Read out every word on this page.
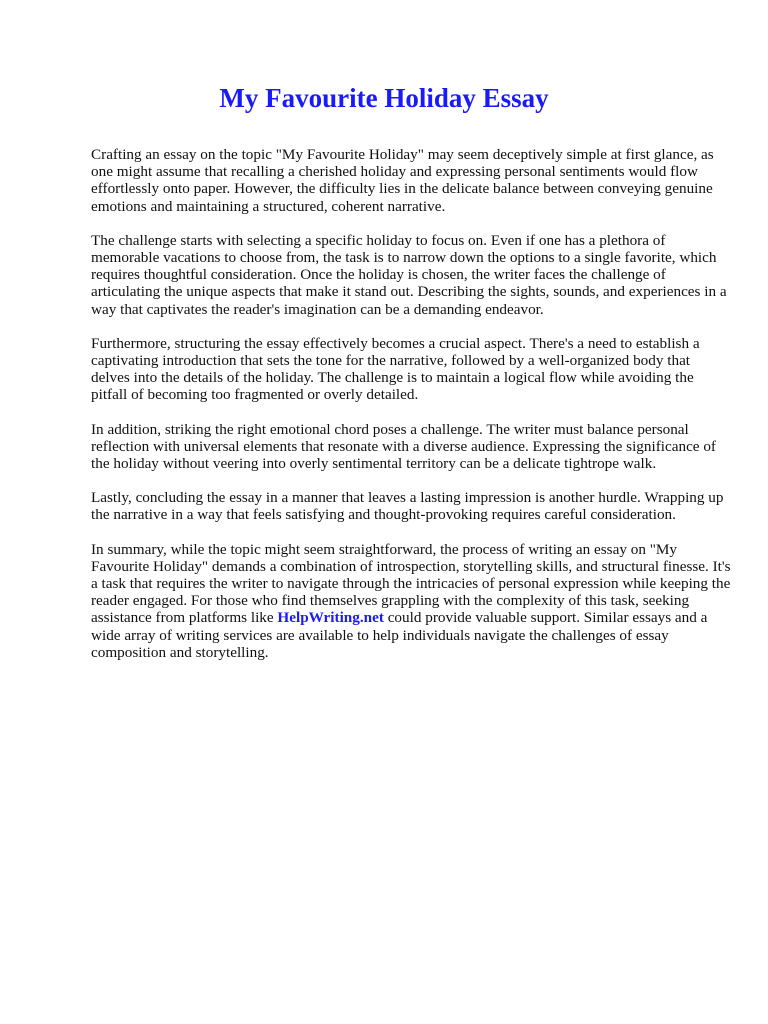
My Favourite Holiday Essay

Crafting an essay on the topic "My Favourite Holiday" may seem deceptively simple at first glance, as one might assume that recalling a cherished holiday and expressing personal sentiments would flow effortlessly onto paper. However, the difficulty lies in the delicate balance between conveying genuine emotions and maintaining a structured, coherent narrative.

The challenge starts with selecting a specific holiday to focus on. Even if one has a plethora of memorable vacations to choose from, the task is to narrow down the options to a single favorite, which requires thoughtful consideration. Once the holiday is chosen, the writer faces the challenge of articulating the unique aspects that make it stand out. Describing the sights, sounds, and experiences in a way that captivates the reader's imagination can be a demanding endeavor.

Furthermore, structuring the essay effectively becomes a crucial aspect. There's a need to establish a captivating introduction that sets the tone for the narrative, followed by a well-organized body that delves into the details of the holiday. The challenge is to maintain a logical flow while avoiding the pitfall of becoming too fragmented or overly detailed.

In addition, striking the right emotional chord poses a challenge. The writer must balance personal reflection with universal elements that resonate with a diverse audience. Expressing the significance of the holiday without veering into overly sentimental territory can be a delicate tightrope walk.

Lastly, concluding the essay in a manner that leaves a lasting impression is another hurdle. Wrapping up the narrative in a way that feels satisfying and thought-provoking requires careful consideration.

In summary, while the topic might seem straightforward, the process of writing an essay on "My Favourite Holiday" demands a combination of introspection, storytelling skills, and structural finesse. It's a task that requires the writer to navigate through the intricacies of personal expression while keeping the reader engaged. For those who find themselves grappling with the complexity of this task, seeking assistance from platforms like HelpWriting.net could provide valuable support. Similar essays and a wide array of writing services are available to help individuals navigate the challenges of essay composition and storytelling.
